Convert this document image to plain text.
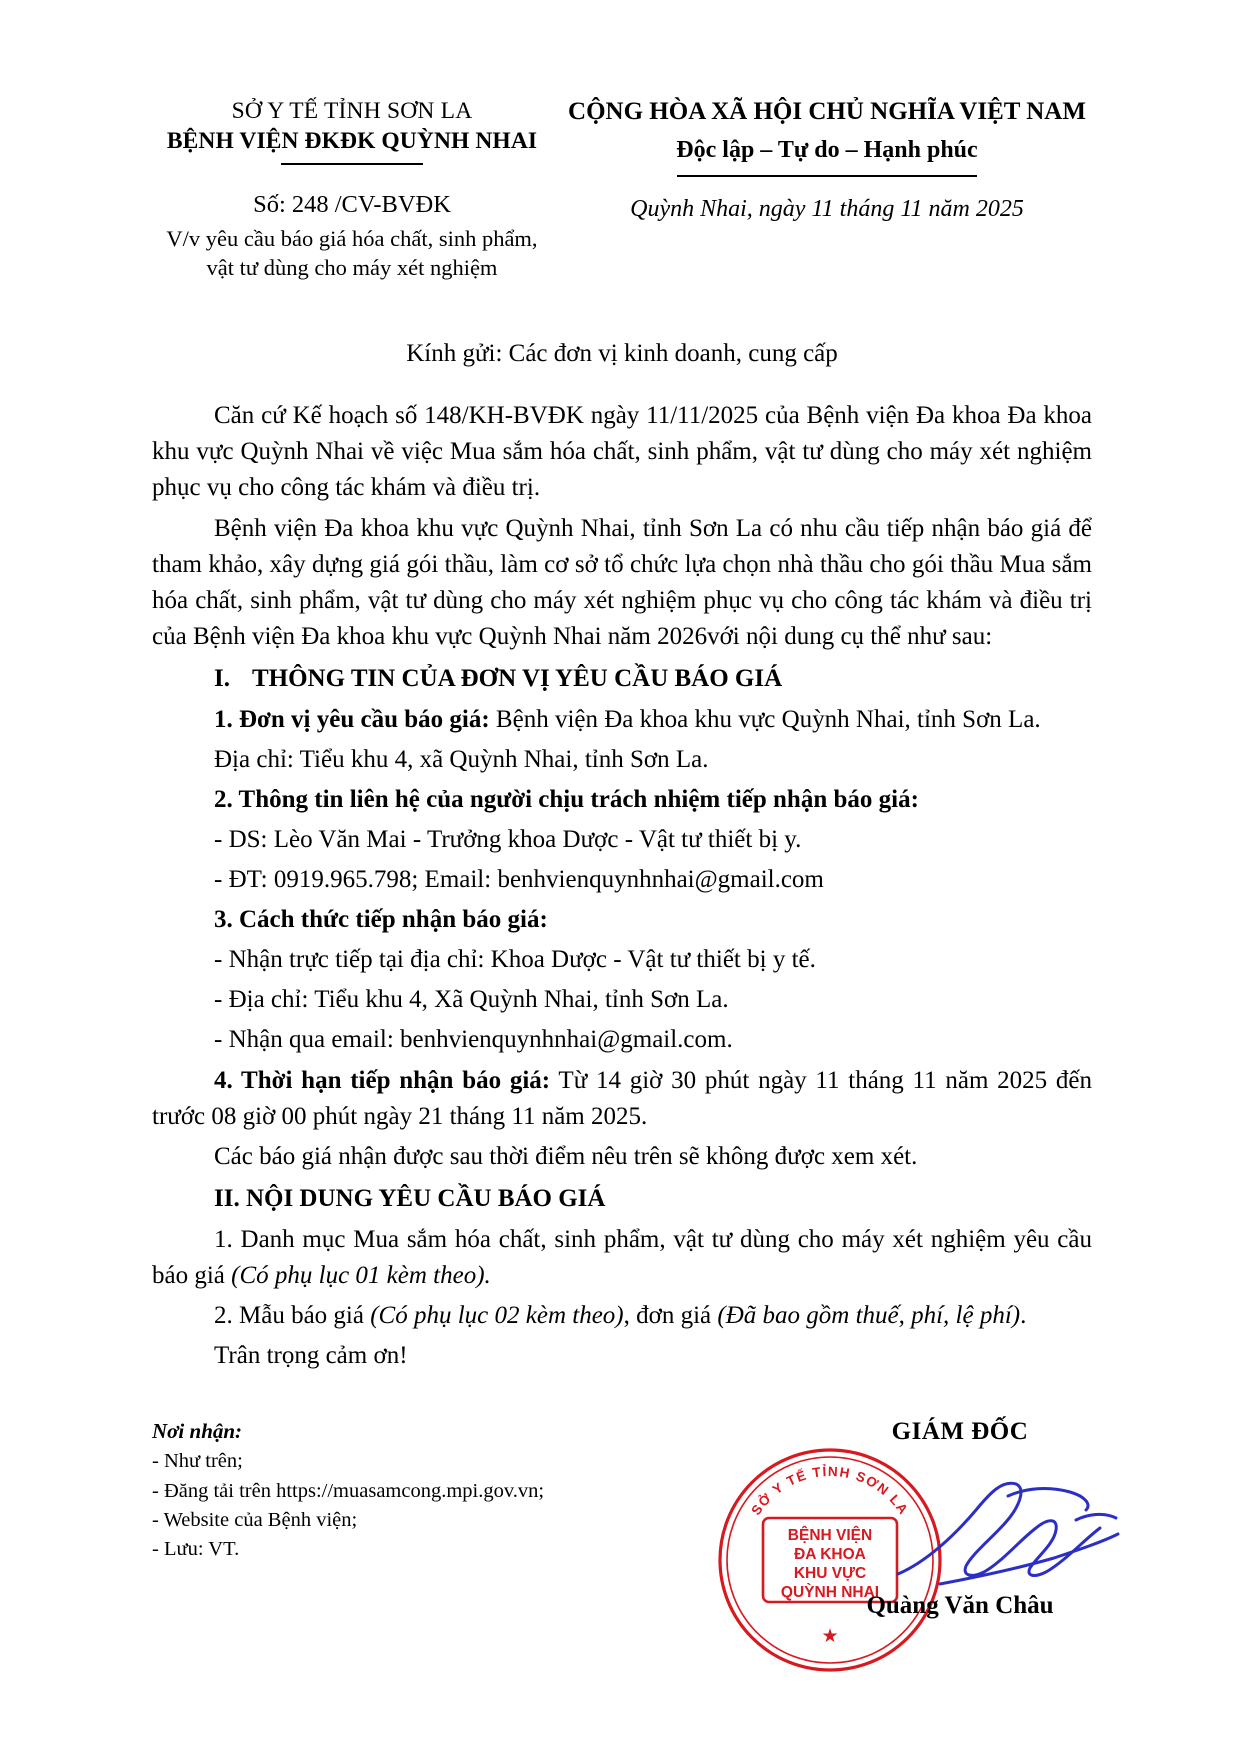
SỞ Y TẾ TỈNH SƠN LA
BỆNH VIỆN ĐKĐK QUỲNH NHAI
CỘNG HÒA XÃ HỘI CHỦ NGHĨA VIỆT NAM
Độc lập – Tự do – Hạnh phúc
Số: 248 /CV-BVĐK
V/v yêu cầu báo giá hóa chất, sinh phẩm, vật tư dùng cho máy xét nghiệm
Quỳnh Nhai, ngày 11 tháng 11 năm 2025
Kính gửi: Các đơn vị kinh doanh, cung cấp

Căn cứ Kế hoạch số 148/KH-BVĐK ngày 11/11/2025 của Bệnh viện Đa khoa Đa khoa khu vực Quỳnh Nhai về việc Mua sắm hóa chất, sinh phẩm, vật tư dùng cho máy xét nghiệm phục vụ cho công tác khám và điều trị.

Bệnh viện Đa khoa khu vực Quỳnh Nhai, tỉnh Sơn La có nhu cầu tiếp nhận báo giá để tham khảo, xây dựng giá gói thầu, làm cơ sở tổ chức lựa chọn nhà thầu cho gói thầu Mua sắm hóa chất, sinh phẩm, vật tư dùng cho máy xét nghiệm phục vụ cho công tác khám và điều trị của Bệnh viện Đa khoa khu vực Quỳnh Nhai năm 2026với nội dung cụ thể như sau:

I. THÔNG TIN CỦA ĐƠN VỊ YÊU CẦU BÁO GIÁ

1. Đơn vị yêu cầu báo giá: Bệnh viện Đa khoa khu vực Quỳnh Nhai, tỉnh Sơn La.

Địa chỉ: Tiểu khu 4, xã Quỳnh Nhai, tỉnh Sơn La.

2. Thông tin liên hệ của người chịu trách nhiệm tiếp nhận báo giá:

- DS: Lèo Văn Mai - Trưởng khoa Dược - Vật tư thiết bị y.

- ĐT: 0919.965.798; Email: benhvienquynhnhai@gmail.com

3. Cách thức tiếp nhận báo giá:

- Nhận trực tiếp tại địa chỉ: Khoa Dược - Vật tư thiết bị y tế.

- Địa chỉ: Tiểu khu 4, Xã Quỳnh Nhai, tỉnh Sơn La.

- Nhận qua email: benhvienquynhnhai@gmail.com.

4. Thời hạn tiếp nhận báo giá: Từ 14 giờ 30 phút ngày 11 tháng 11 năm 2025 đến trước 08 giờ 00 phút ngày 21 tháng 11 năm 2025.

Các báo giá nhận được sau thời điểm nêu trên sẽ không được xem xét.

II. NỘI DUNG YÊU CẦU BÁO GIÁ

1. Danh mục Mua sắm hóa chất, sinh phẩm, vật tư dùng cho máy xét nghiệm yêu cầu báo giá (Có phụ lục 01 kèm theo).

2. Mẫu báo giá (Có phụ lục 02 kèm theo), đơn giá (Đã bao gồm thuế, phí, lệ phí).

Trân trọng cảm ơn!

Nơi nhận:
- Như trên;
- Đăng tải trên https://muasamcong.mpi.gov.vn;
- Website của Bệnh viện;
- Lưu: VT.
GIÁM ĐỐC
SỞ Y TẾ TỈNH SƠN LA
BỆNH VIỆN
ĐA KHOA
KHU VỰC
QUỲNH NHAI
★
Quàng Văn Châu
